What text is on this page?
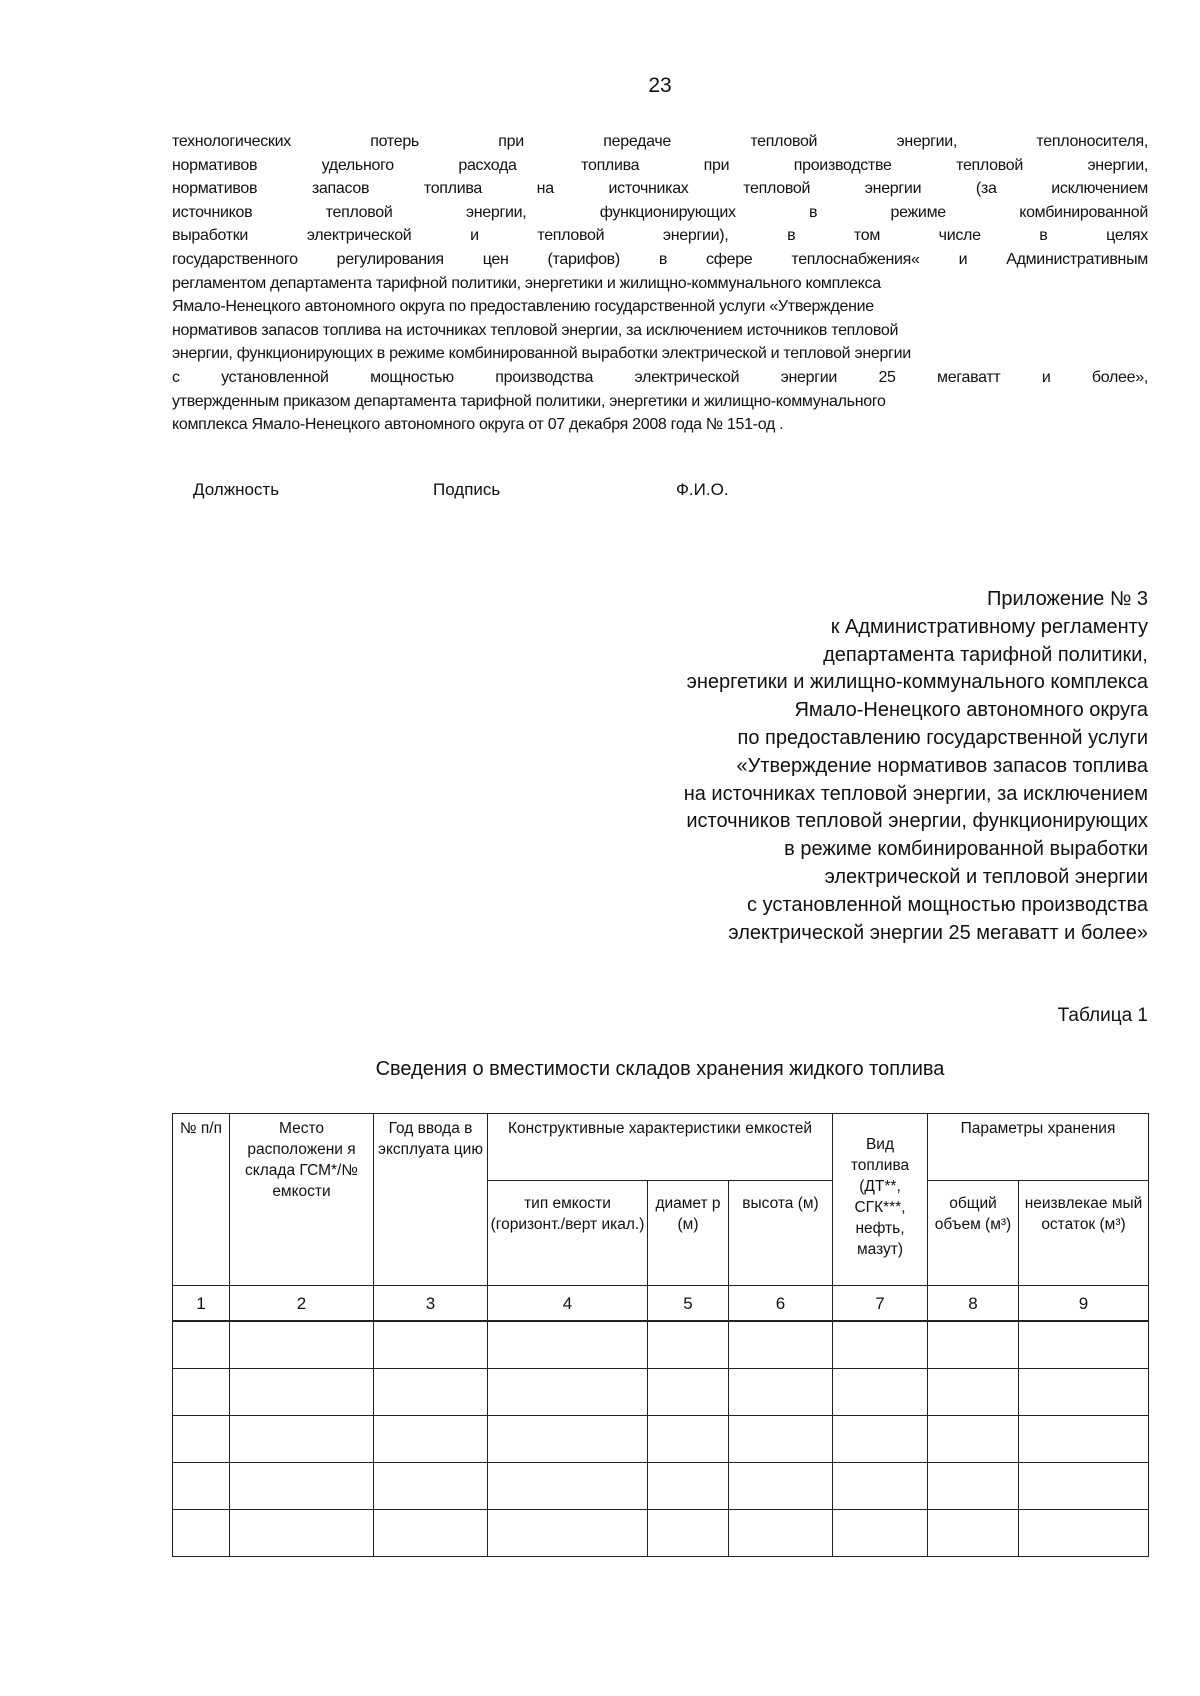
23
технологических потерь при передаче тепловой энергии, теплоносителя,
нормативов удельного расхода топлива при производстве тепловой энергии,
нормативов запасов топлива на источниках тепловой энергии (за исключением
источников тепловой энергии, функционирующих в режиме комбинированной
выработки электрической и тепловой энергии), в том числе в целях
государственного регулирования цен (тарифов) в сфере теплоснабжения« и Административным
регламентом департамента тарифной политики, энергетики и жилищно-коммунального комплекса
Ямало-Ненецкого автономного округа по предоставлению государственной услуги «Утверждение
нормативов запасов топлива на источниках тепловой энергии, за исключением источников тепловой
энергии, функционирующих в режиме комбинированной выработки электрической и тепловой энергии
с установленной мощностью производства электрической энергии 25 мегаватт и более»,
утвержденным приказом департамента тарифной политики, энергетики и жилищно-коммунального
комплекса Ямало-Ненецкого автономного округа от 07 декабря 2008 года № 151-од .
Должность	Подпись	Ф.И.О.
Приложение № 3
к Административному регламенту
департамента тарифной политики,
энергетики и жилищно-коммунального комплекса
Ямало-Ненецкого автономного округа
по предоставлению государственной услуги
«Утверждение нормативов запасов топлива
на источниках тепловой энергии, за исключением
источников тепловой энергии, функционирующих
в режиме комбинированной выработки
электрической и тепловой энергии
с установленной мощностью производства
электрической энергии 25 мегаватт и более»
Таблица 1
Сведения о вместимости складов хранения жидкого топлива
№ п/п	Место расположени я склада ГСМ*/№ емкости	Год ввода в эксплуата цию	Конструктивные характеристики емкостей			Вид топлива (ДТ**, СГК***, нефть, мазут)	Параметры хранения	
			тип емкости (горизонт./верт икал.)	диамет р (м)	высота (м)		общий объем (м³)	неизвлекае мый остаток (м³)
1	2	3	4	5	6	7	8	9
